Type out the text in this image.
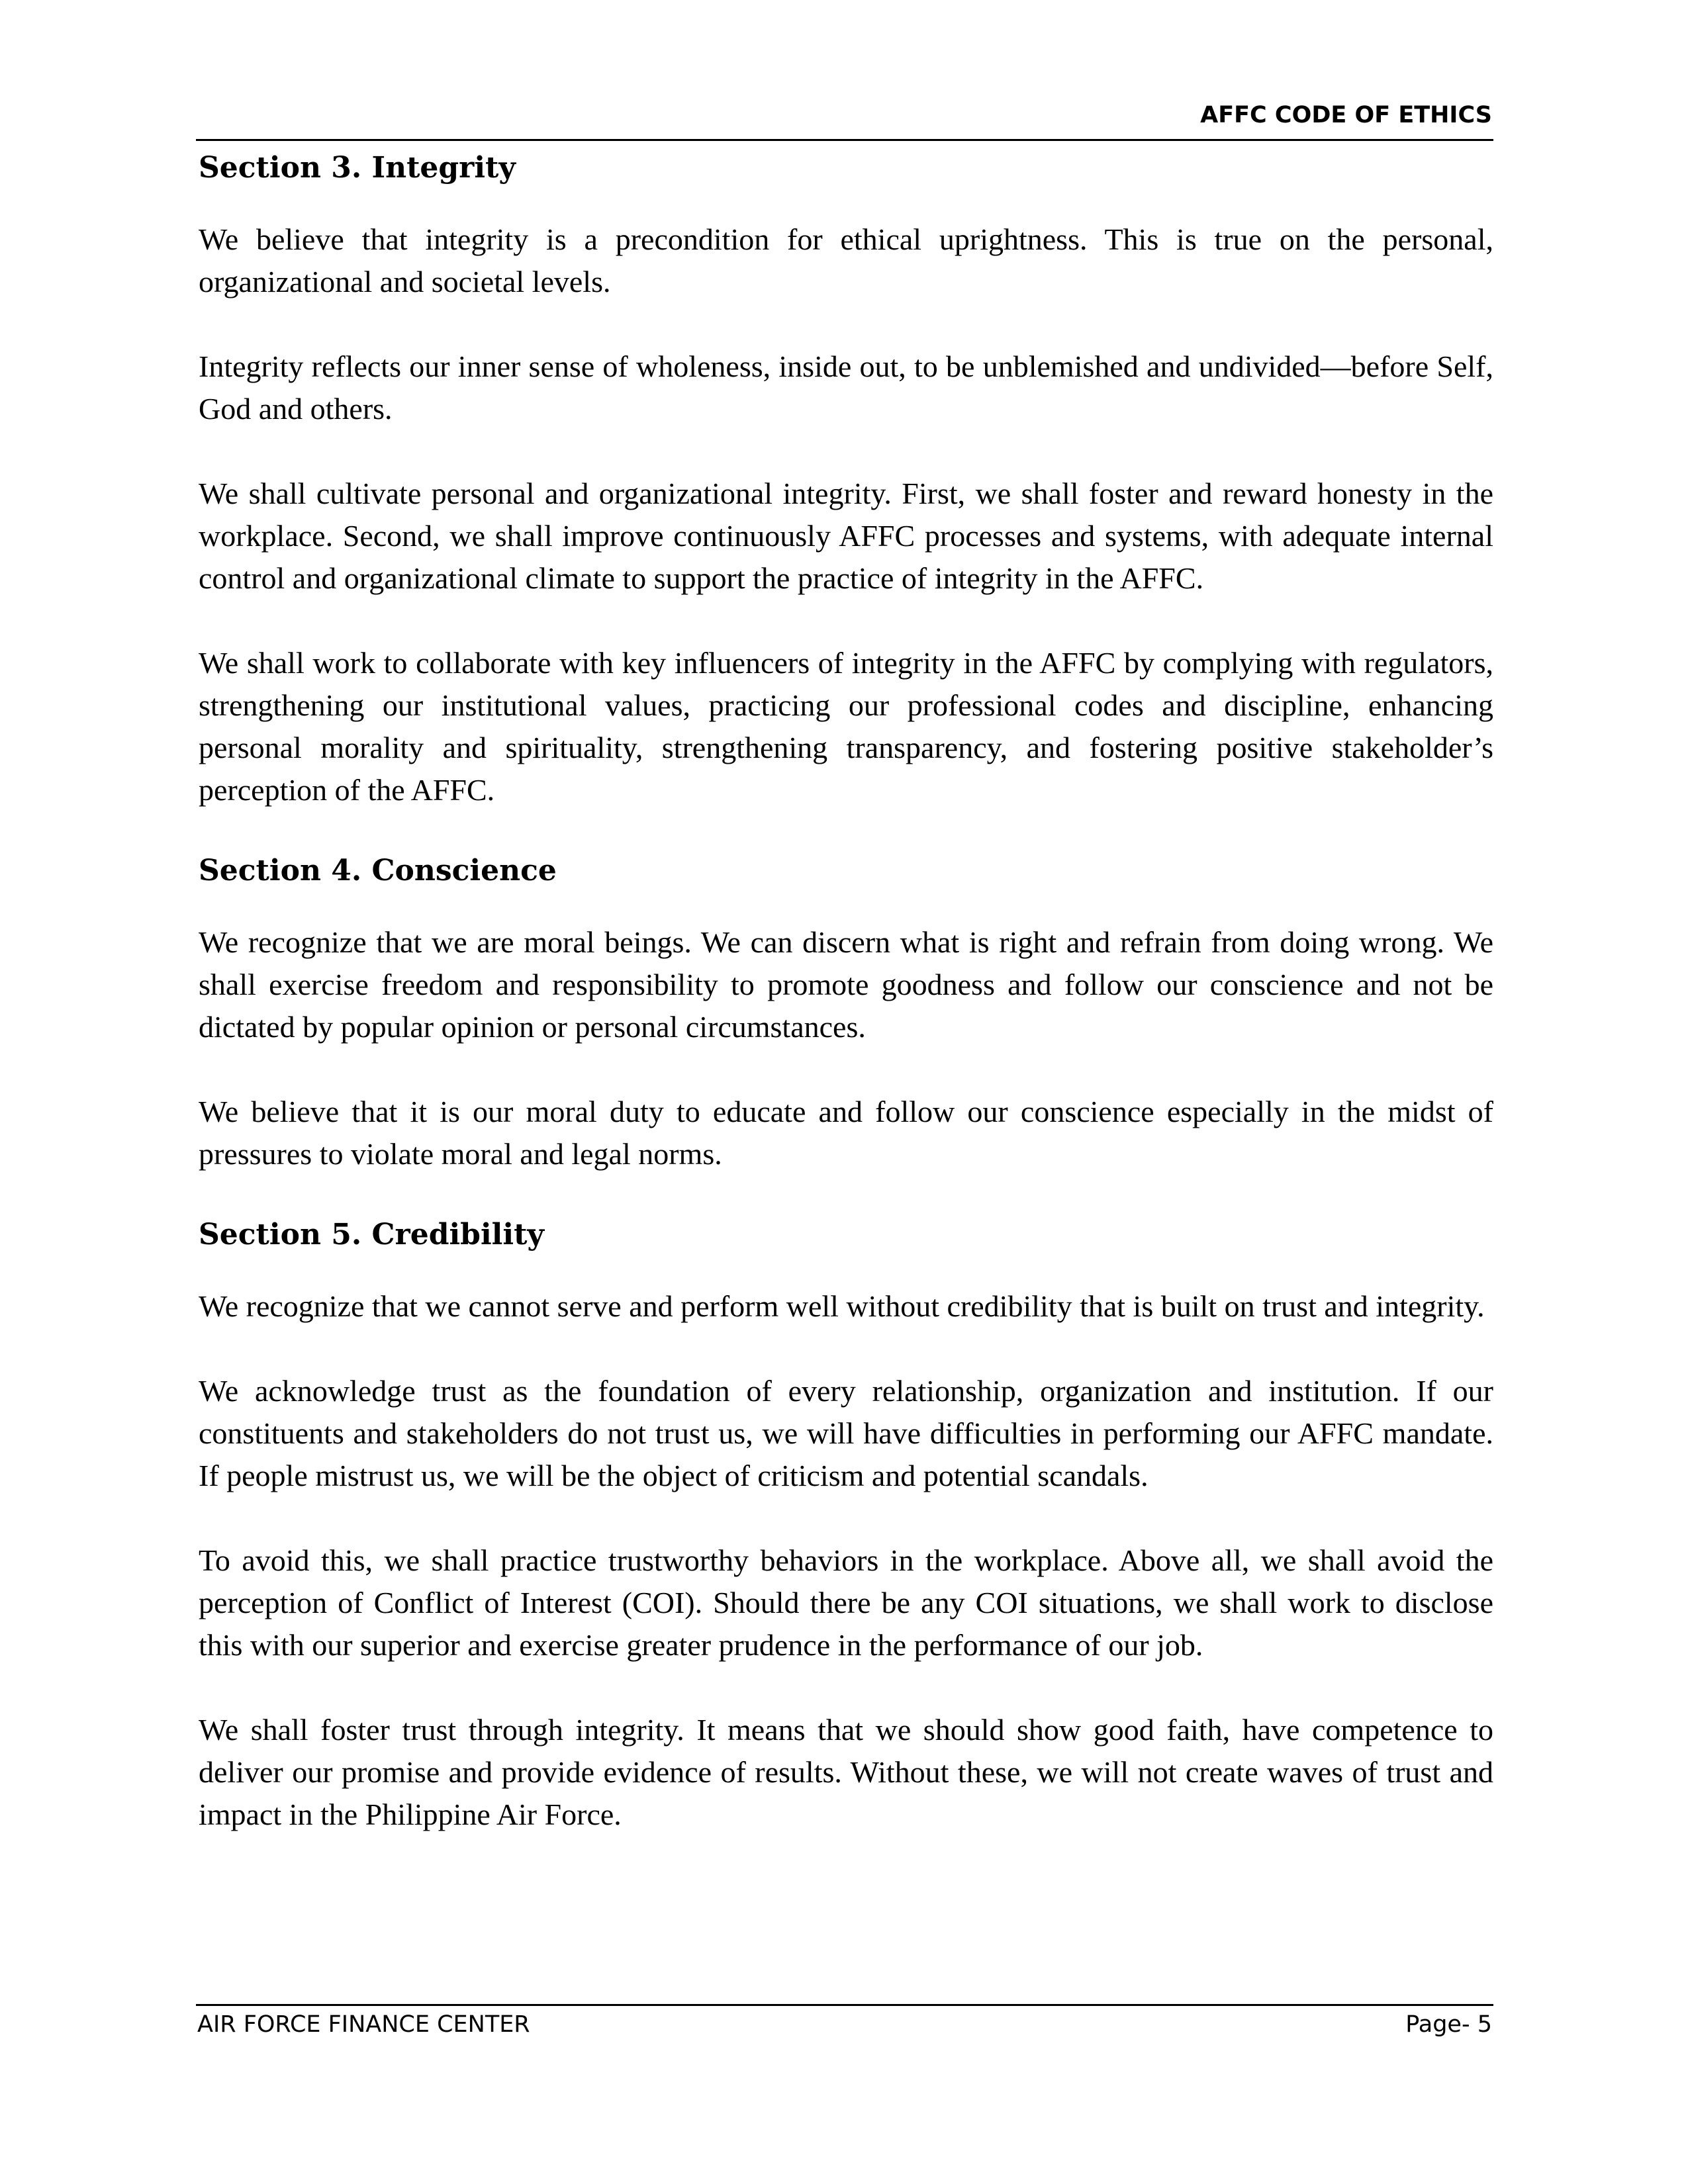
AFFC CODE OF ETHICS
Section 3. Integrity

We believe that integrity is a precondition for ethical uprightness. This is true on the personal, organizational and societal levels.

Integrity reflects our inner sense of wholeness, inside out, to be unblemished and undivided—before Self, God and others.

We shall cultivate personal and organizational integrity. First, we shall foster and reward honesty in the workplace. Second, we shall improve continuously AFFC processes and systems, with adequate internal control and organizational climate to support the practice of integrity in the AFFC.

We shall work to collaborate with key influencers of integrity in the AFFC by complying with regulators, strengthening our institutional values, practicing our professional codes and discipline, enhancing personal morality and spirituality, strengthening transparency, and fostering positive stakeholder’s perception of the AFFC.

Section 4. Conscience

We recognize that we are moral beings. We can discern what is right and refrain from doing wrong. We shall exercise freedom and responsibility to promote goodness and follow our conscience and not be dictated by popular opinion or personal circumstances.

We believe that it is our moral duty to educate and follow our conscience especially in the midst of pressures to violate moral and legal norms.

Section 5. Credibility

We recognize that we cannot serve and perform well without credibility that is built on trust and integrity.

We acknowledge trust as the foundation of every relationship, organization and institution. If our constituents and stakeholders do not trust us, we will have difficulties in performing our AFFC mandate. If people mistrust us, we will be the object of criticism and potential scandals.

To avoid this, we shall practice trustworthy behaviors in the workplace. Above all, we shall avoid the perception of Conflict of Interest (COI). Should there be any COI situations, we shall work to disclose this with our superior and exercise greater prudence in the performance of our job.

We shall foster trust through integrity. It means that we should show good faith, have competence to deliver our promise and provide evidence of results. Without these, we will not create waves of trust and impact in the Philippine Air Force.

AIR FORCE FINANCE CENTER	Page- 5
